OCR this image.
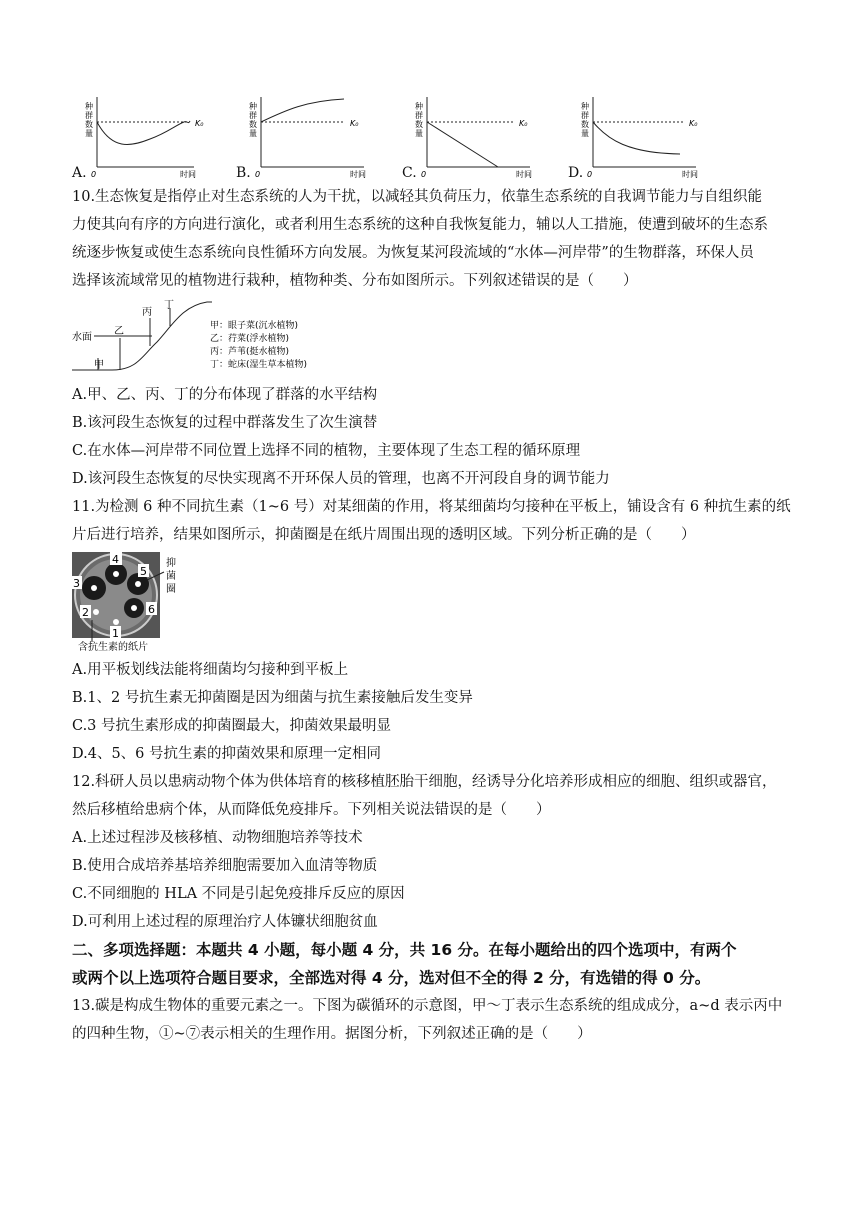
A.
种
群
数
量
0	时间
K₀
B.
种
群
数
量
0	时间
K₀
C.
种
群
数
量
0	时间
K₀
D.
种
群
数
量
0	时间
K₀
10.生态恢复是指停止对生态系统的人为干扰，以减轻其负荷压力，依靠生态系统的自我调节能力与自组织能
力使其向有序的方向进行演化，或者利用生态系统的这种自我恢复能力，辅以人工措施，使遭到破坏的生态系
统逐步恢复或使生态系统向良性循环方向发展。为恢复某河段流域的“水体—河岸带”的生物群落，环保人员
选择该流域常见的植物进行栽种，植物种类、分布如图所示。下列叙述错误的是（　　）
水面
甲
乙
丙
丁
甲：眼子菜(沉水植物)
乙：荇菜(浮水植物)
丙：芦苇(挺水植物)
丁：蛇床(湿生草本植物)
A.甲、乙、丙、丁的分布体现了群落的水平结构
B.该河段生态恢复的过程中群落发生了次生演替
C.在水体—河岸带不同位置上选择不同的植物，主要体现了生态工程的循环原理
D.该河段生态恢复的尽快实现离不开环保人员的管理，也离不开河段自身的调节能力
11.为检测 6 种不同抗生素（1~6 号）对某细菌的作用，将某细菌均匀接种在平板上，铺设含有 6 种抗生素的纸
片后进行培养，结果如图所示，抑菌圈是在纸片周围出现的透明区域。下列分析正确的是（　　）
4
3
5
6
2
1
抑
菌
圈
含抗生素的纸片
A.用平板划线法能将细菌均匀接种到平板上
B.1、2 号抗生素无抑菌圈是因为细菌与抗生素接触后发生变异
C.3 号抗生素形成的抑菌圈最大，抑菌效果最明显
D.4、5、6 号抗生素的抑菌效果和原理一定相同
12.科研人员以患病动物个体为供体培育的核移植胚胎干细胞，经诱导分化培养形成相应的细胞、组织或器官，
然后移植给患病个体，从而降低免疫排斥。下列相关说法错误的是（　　）
A.上述过程涉及核移植、动物细胞培养等技术
B.使用合成培养基培养细胞需要加入血清等物质
C.不同细胞的 HLA 不同是引起免疫排斥反应的原因
D.可利用上述过程的原理治疗人体镰状细胞贫血
二、多项选择题：本题共 4 小题，每小题 4 分，共 16 分。在每小题给出的四个选项中，有两个
或两个以上选项符合题目要求，全部选对得 4 分，选对但不全的得 2 分，有选错的得 0 分。
13.碳是构成生物体的重要元素之一。下图为碳循环的示意图，甲～丁表示生态系统的组成成分，a~d 表示丙中
的四种生物，①~⑦表示相关的生理作用。据图分析，下列叙述正确的是（　　）
